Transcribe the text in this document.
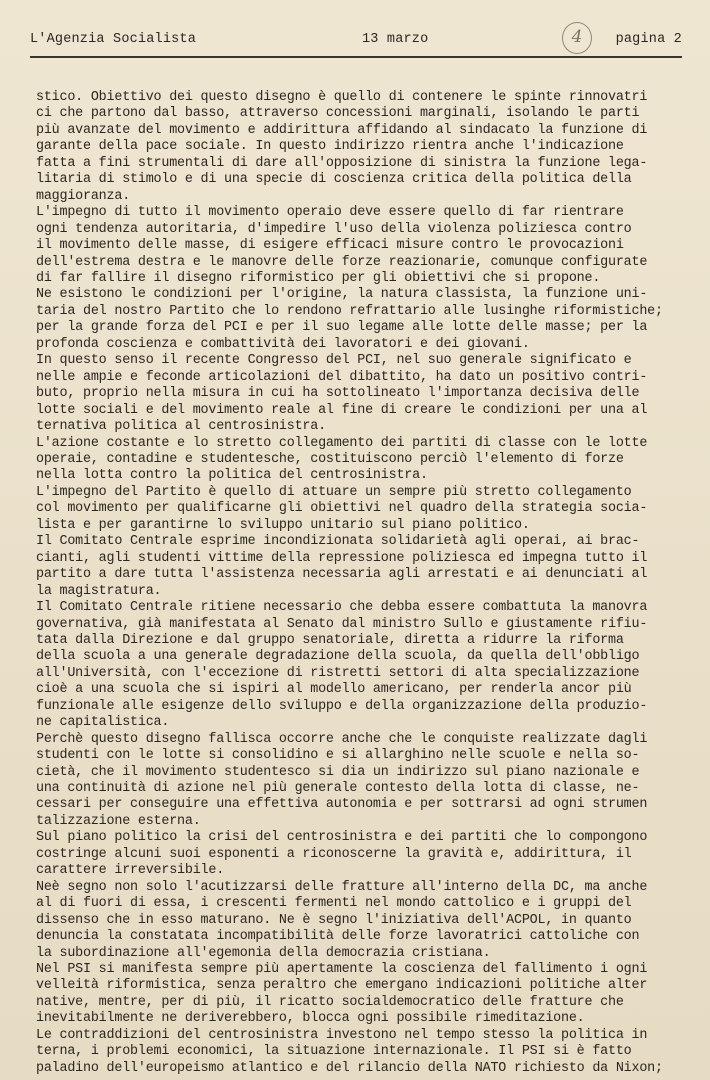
L'Agenzia Socialista	13 marzo	pagina 2
4

stico. Obiettivo dei questo disegno è quello di contenere le spinte rinnovatri
ci che partono dal basso, attraverso concessioni marginali, isolando le parti
più avanzate del movimento e addirittura affidando al sindacato la funzione di
garante della pace sociale. In questo indirizzo rientra anche l'indicazione
fatta a fini strumentali di dare all'opposizione di sinistra la funzione lega-
litaria di stimolo e di una specie di coscienza critica della politica della
maggioranza.

L'impegno di tutto il movimento operaio deve essere quello di far rientrare
ogni tendenza autoritaria, d'impedire l'uso della violenza poliziesca contro
il movimento delle masse, di esigere efficaci misure contro le provocazioni
dell'estrema destra e le manovre delle forze reazionarie, comunque configurate
di far fallire il disegno riformistico per gli obiettivi che si propone.

Ne esistono le condizioni per l'origine, la natura classista, la funzione uni-
taria del nostro Partito che lo rendono refrattario alle lusinghe riformistiche;
per la grande forza del PCI e per il suo legame alle lotte delle masse; per la
profonda coscienza e combattività dei lavoratori e dei giovani.

In questo senso il recente Congresso del PCI, nel suo generale significato e
nelle ampie e feconde articolazioni del dibattito, ha dato un positivo contri-
buto, proprio nella misura in cui ha sottolineato l'importanza decisiva delle
lotte sociali e del movimento reale al fine di creare le condizioni per una al
ternativa politica al centrosinistra.

L'azione costante e lo stretto collegamento dei partiti di classe con le lotte
operaie, contadine e studentesche, costituiscono perciò l'elemento di forze
nella lotta contro la politica del centrosinistra.

L'impegno del Partito è quello di attuare un sempre più stretto collegamento
col movimento per qualificarne gli obiettivi nel quadro della strategia socia-
lista e per garantirne lo sviluppo unitario sul piano politico.

Il Comitato Centrale esprime incondizionata solidarietà agli operai, ai brac-
cianti, agli studenti vittime della repressione poliziesca ed impegna tutto il
partito a dare tutta l'assistenza necessaria agli arrestati e ai denunciati al
la magistratura.

Il Comitato Centrale ritiene necessario che debba essere combattuta la manovra
governativa, già manifestata al Senato dal ministro Sullo e giustamente rifiu-
tata dalla Direzione e dal gruppo senatoriale, diretta a ridurre la riforma
della scuola a una generale degradazione della scuola, da quella dell'obbligo
all'Università, con l'eccezione di ristretti settori di alta specializzazione
cioè a una scuola che si ispiri al modello americano, per renderla ancor più
funzionale alle esigenze dello sviluppo e della organizzazione della produzio-
ne capitalistica.

Perchè questo disegno fallisca occorre anche che le conquiste realizzate dagli
studenti con le lotte si consolidino e si allarghino nelle scuole e nella so-
cietà, che il movimento studentesco si dia un indirizzo sul piano nazionale e
una continuità di azione nel più generale contesto della lotta di classe, ne-
cessari per conseguire una effettiva autonomia e per sottrarsi ad ogni strumen
talizzazione esterna.

Sul piano politico la crisi del centrosinistra e dei partiti che lo compongono
costringe alcuni suoi esponenti a riconoscerne la gravità e, addirittura, il
carattere irreversibile.

Neè segno non solo l'acutizzarsi delle fratture all'interno della DC, ma anche
al di fuori di essa, i crescenti fermenti nel mondo cattolico e i gruppi del
dissenso che in esso maturano. Ne è segno l'iniziativa dell'ACPOL, in quanto
denuncia la constatata incompatibilità delle forze lavoratrici cattoliche con
la subordinazione all'egemonia della democrazia cristiana.

Nel PSI si manifesta sempre più apertamente la coscienza del fallimento i ogni
velleità riformistica, senza peraltro che emergano indicazioni politiche alter
native, mentre, per di più, il ricatto socialdemocratico delle fratture che
inevitabilmente ne deriverebbero, blocca ogni possibile rimeditazione.

Le contraddizioni del centrosinistra investono nel tempo stesso la politica in
terna, i problemi economici, la situazione internazionale. Il PSI si è fatto
paladino dell'europeismo atlantico e del rilancio della NATO richiesto da Nixon;
